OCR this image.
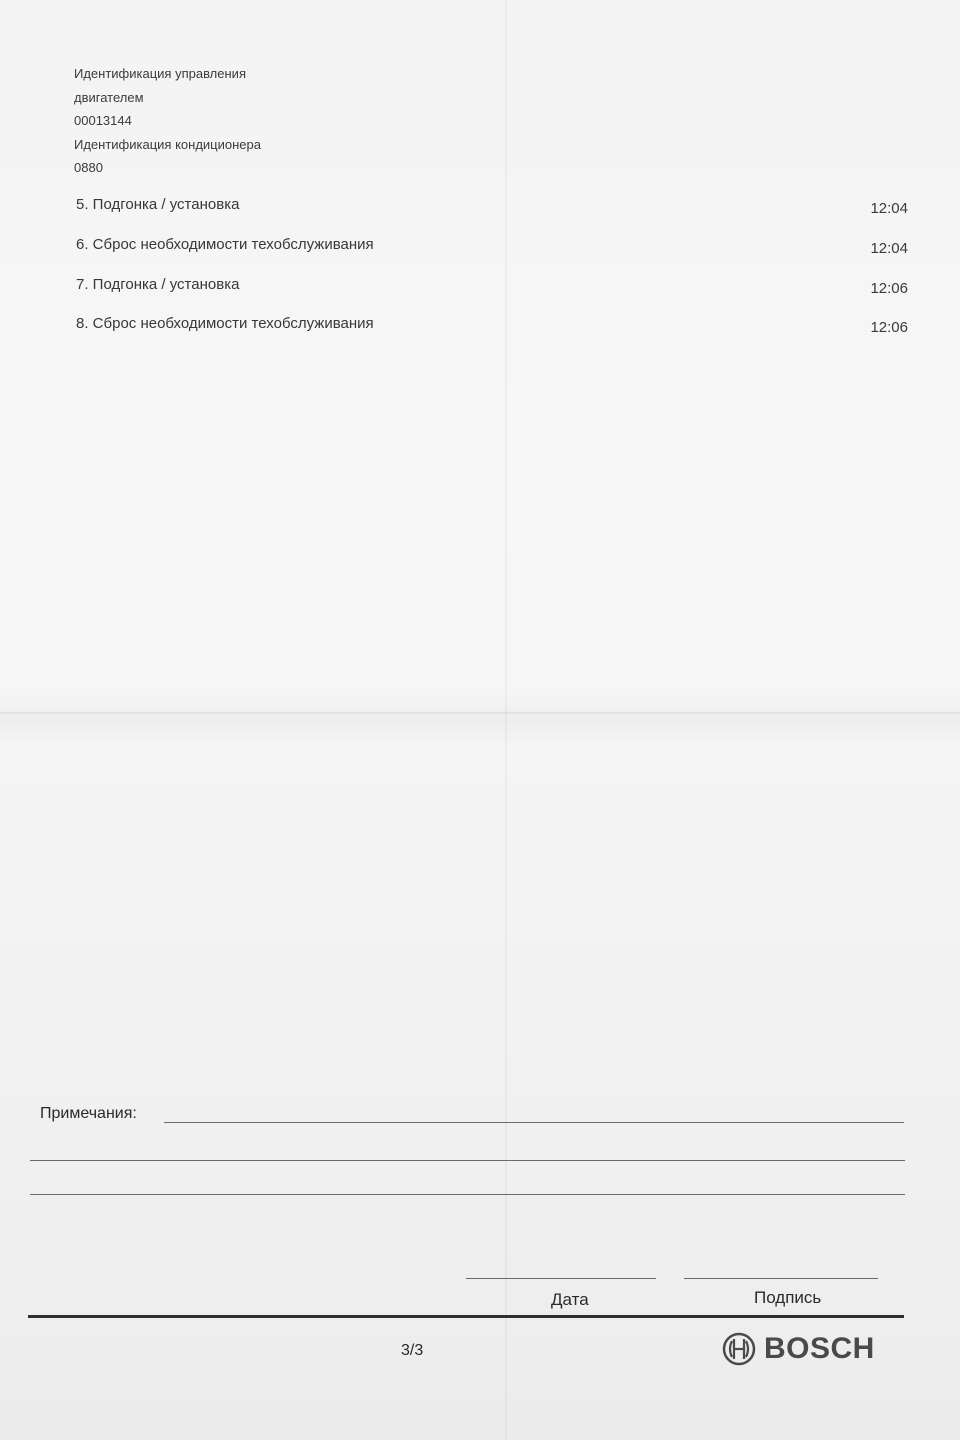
Идентификация управления
двигателем
00013144
Идентификация кондиционера
0880
5. Подгонка / установка	12:04
6. Сброс необходимости техобслуживания	12:04
7. Подгонка / установка	12:06
8. Сброс необходимости техобслуживания	12:06
Примечания:
Дата	Подпись
3/3	BOSCH
